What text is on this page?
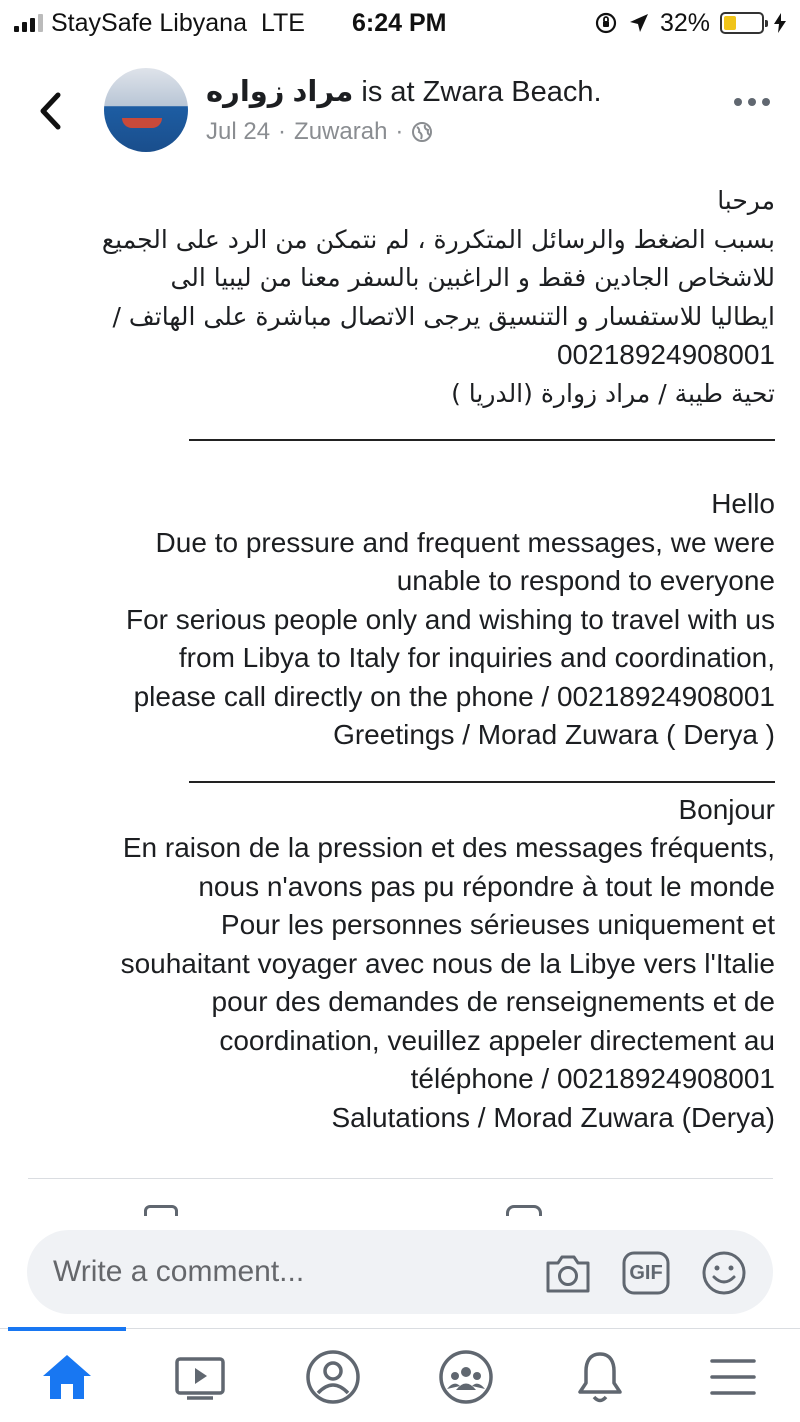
StaySafe Libyana LTE 6:24 PM	32%
مراد زواره is at Zwara Beach.
Jul 24 · Zuwarah ·
مرحبا
بسبب الضغط والرسائل المتكررة ، لم نتمكن من الرد على الجميع
للاشخاص الجادين فقط و الراغبين بالسفر معنا من ليبيا الى
ايطاليا للاستفسار و التنسيق يرجى الاتصال مباشرة على الهاتف /
00218924908001
تحية طيبة / مراد زوارة (الدريا )
Hello
Due to pressure and frequent messages, we were
unable to respond to everyone
For serious people only and wishing to travel with us
from Libya to Italy for inquiries and coordination,
please call directly on the phone / 00218924908001
Greetings / Morad Zuwara ( Derya )
Bonjour
En raison de la pression et des messages fréquents,
nous n'avons pas pu répondre à tout le monde
Pour les personnes sérieuses uniquement et
souhaitant voyager avec nous de la Libye vers l'Italie
pour des demandes de renseignements et de
coordination, veuillez appeler directement au
téléphone / 00218924908001
Salutations / Morad Zuwara (Derya)
Write a comment...
GIF
